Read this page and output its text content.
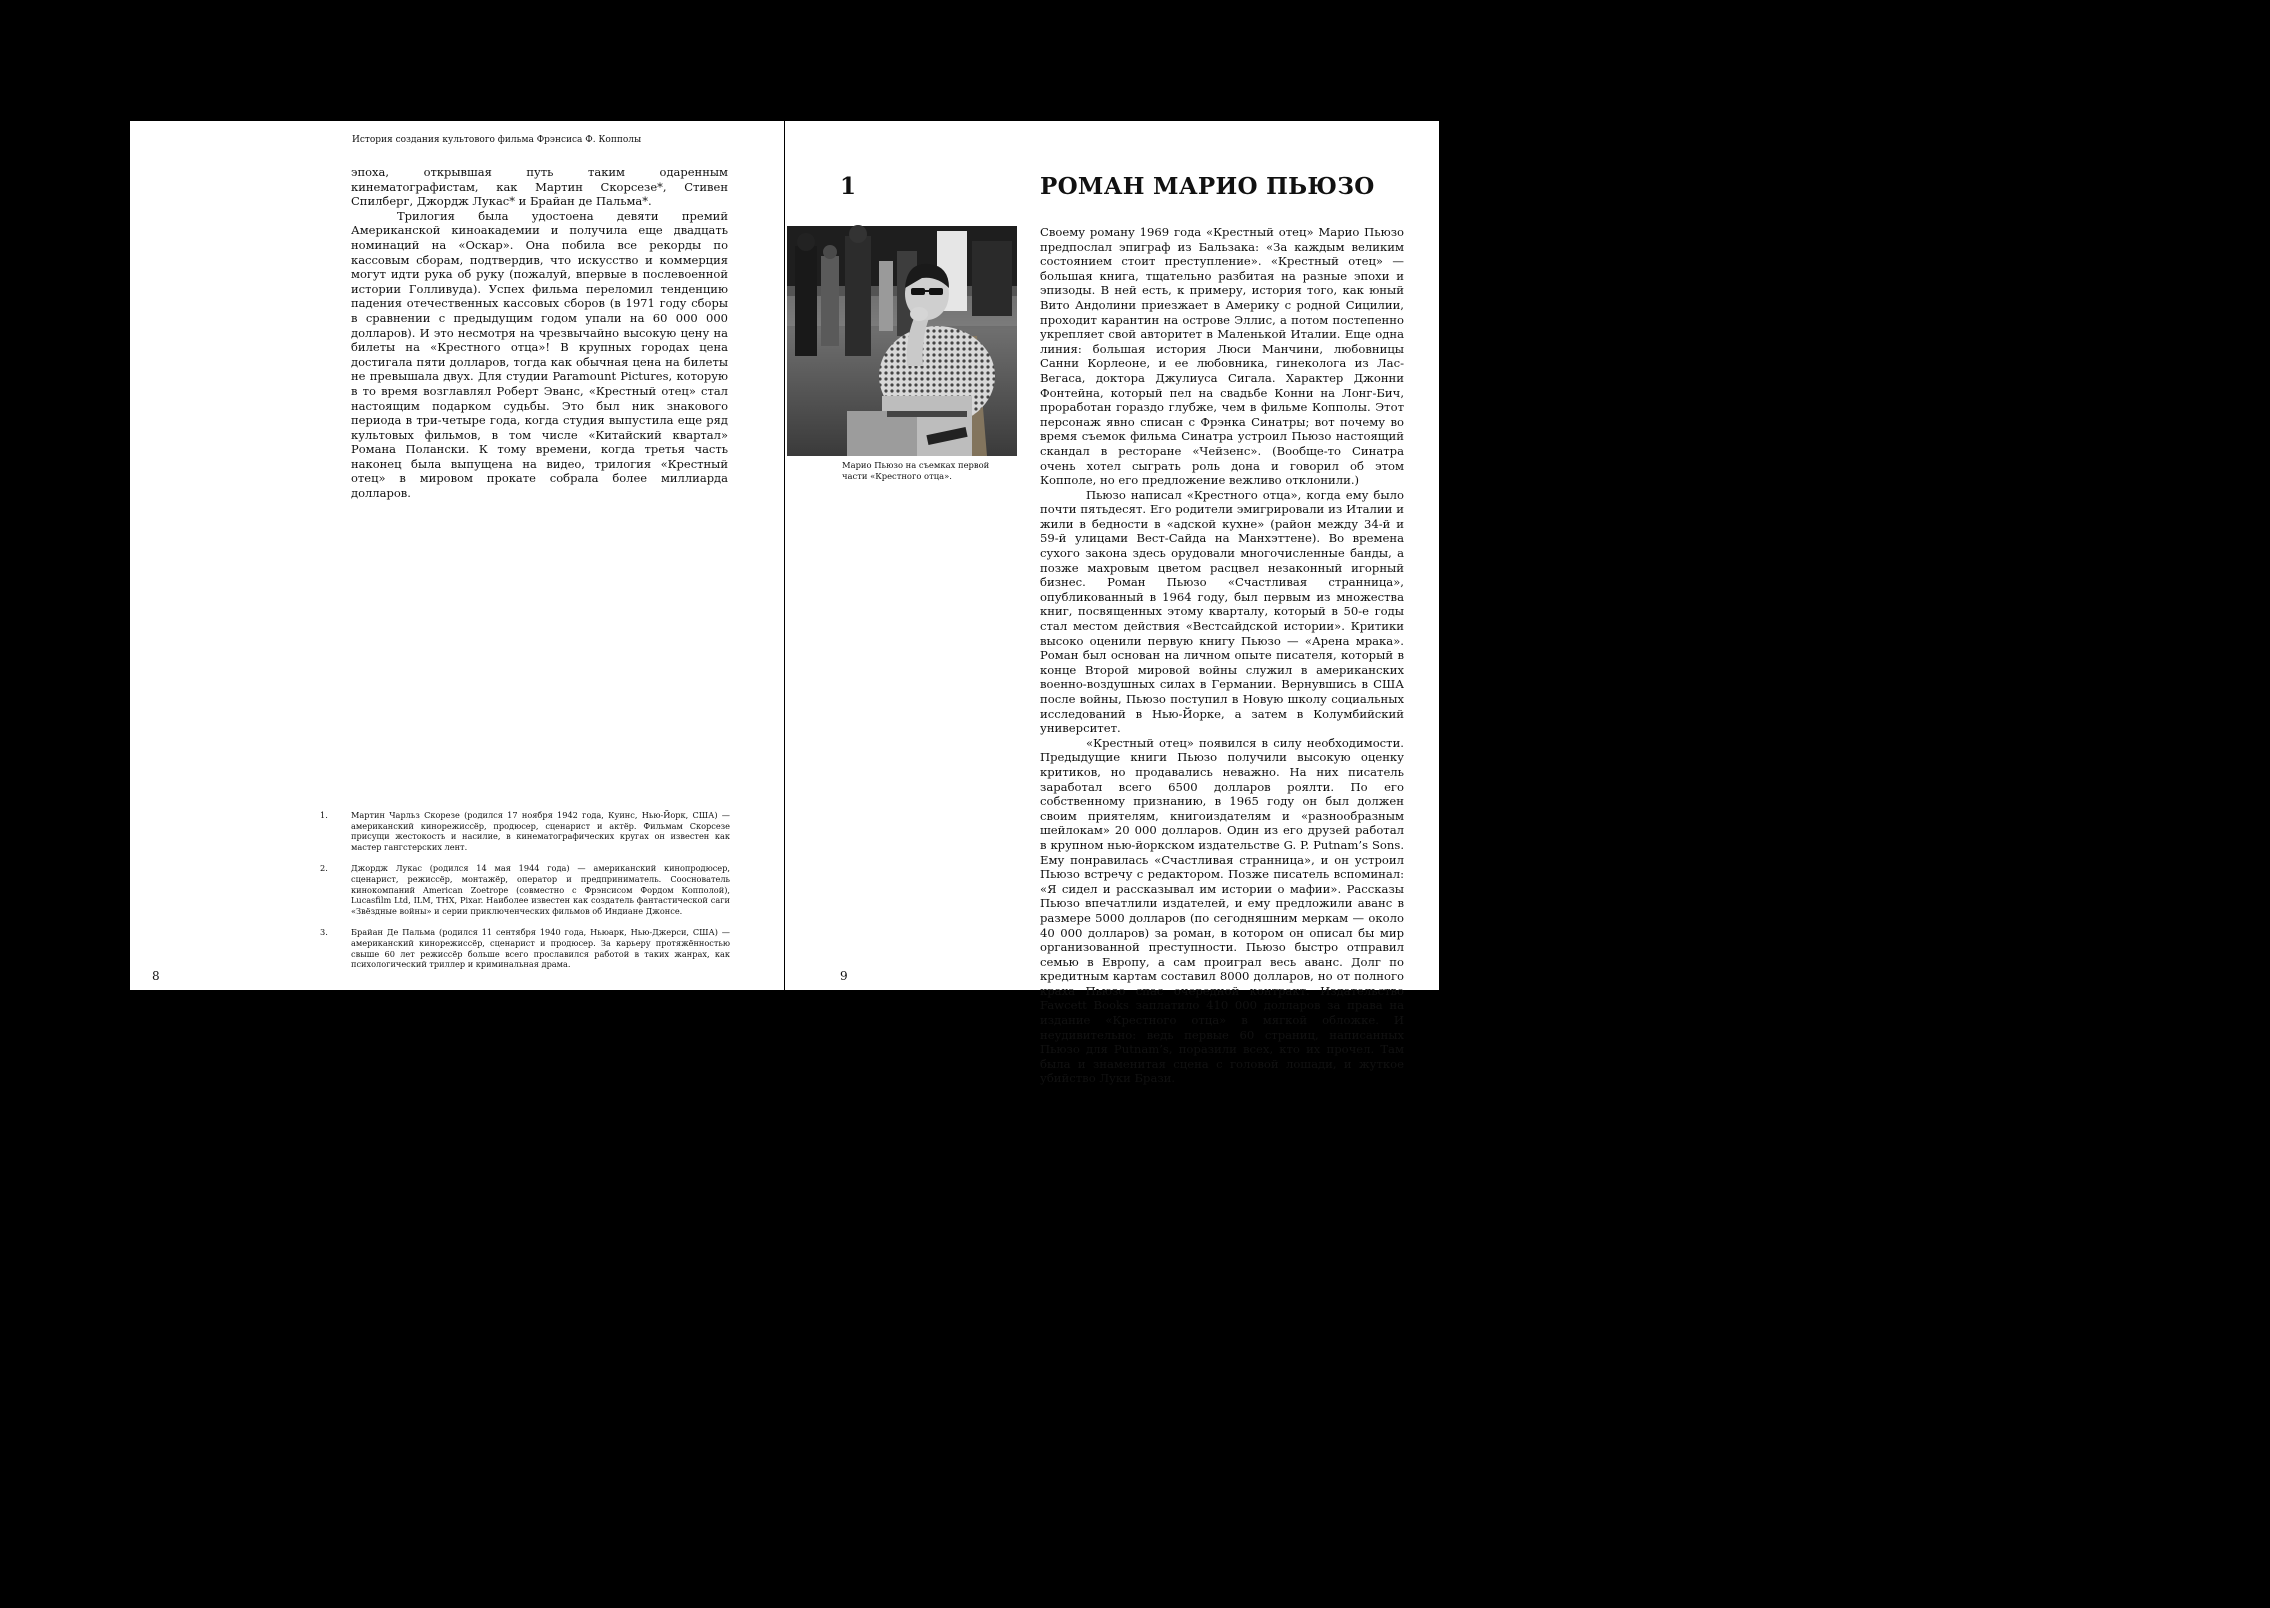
История создания культового фильма Фрэнсиса Ф. Копполы

эпоха, открывшая путь таким одаренным кинематографистам, как Мартин Скорсезе*, Стивен Спилберг, Джордж Лукас* и Брайан де Пальма*.

Трилогия была удостоена девяти премий Американской киноакадемии и получила еще двадцать номинаций на «Оскар». Она побила все рекорды по кассовым сборам, подтвердив, что искусство и коммерция могут идти рука об руку (пожалуй, впервые в послевоенной истории Голливуда). Успех фильма переломил тенденцию падения отечественных кассовых сборов (в 1971 году сборы в сравнении с предыдущим годом упали на 60 000 000 долларов). И это несмотря на чрезвычайно высокую цену на билеты на «Крестного отца»! В крупных городах цена достигала пяти долларов, тогда как обычная цена на билеты не превышала двух. Для студии Paramount Pictures, которую в то время возглавлял Роберт Эванс, «Крестный отец» стал настоящим подарком судьбы. Это был ник знакового периода в три-четыре года, когда студия выпустила еще ряд культовых фильмов, в том числе «Китайский квартал» Романа Полански. К тому времени, когда третья часть наконец была выпущена на видео, трилогия «Крестный отец» в мировом прокате собрала более миллиарда долларов.

1.	Мартин Чарльз Скорезе (родился 17 ноября 1942 года, Куинс, Нью-Йорк, США) — американский кинорежиссёр, продюсер, сценарист и актёр. Фильмам Скорсезе присущи жестокость и насилие, в кинематографических кругах он известен как мастер гангстерских лент.
2.	Джордж Лукас (родился 14 мая 1944 года) — американский кинопродюсер, сценарист, режиссёр, монтажёр, оператор и предприниматель. Сооснователь кинокомпаний American Zoetrope (совместно с Фрэнсисом Фордом Копполой), Lucasfilm Ltd, ILM, THX, Pixar. Наиболее известен как создатель фантастической саги «Звёздные войны» и серии приключенческих фильмов об Индиане Джонсе.
3.	Брайан Де Пальма (родился 11 сентября 1940 года, Ньюарк, Нью-Джерси, США) — американский кинорежиссёр, сценарист и продюсер. За карьеру протяжённостью свыше 60 лет режиссёр больше всего прославился работой в таких жанрах, как психологический триллер и криминальная драма.
8
1	РОМАН МАРИО ПЬЮЗО
Марио Пьюзо на съемках первой части «Крестного отца».

Своему роману 1969 года «Крестный отец» Марио Пьюзо предпослал эпиграф из Бальзака: «За каждым великим состоянием стоит преступление». «Крестный отец» — большая книга, тщательно разбитая на разные эпохи и эпизоды. В ней есть, к примеру, история того, как юный Вито Андолини приезжает в Америку с родной Сицилии, проходит карантин на острове Эллис, а потом постепенно укрепляет свой авторитет в Маленькой Италии. Еще одна линия: большая история Люси Манчини, любовницы Санни Корлеоне, и ее любовника, гинеколога из Лас-Вегаса, доктора Джулиуса Сигала. Характер Джонни Фонтейна, который пел на свадьбе Конни на Лонг-Бич, проработан гораздо глубже, чем в фильме Копполы. Этот персонаж явно списан с Фрэнка Синатры; вот почему во время съемок фильма Синатра устроил Пьюзо настоящий скандал в ресторане «Чейзенс». (Вообще-то Синатра очень хотел сыграть роль дона и говорил об этом Копполе, но его предложение вежливо отклонили.)

Пьюзо написал «Крестного отца», когда ему было почти пятьдесят. Его родители эмигрировали из Италии и жили в бедности в «адской кухне» (район между 34-й и 59-й улицами Вест-Сайда на Манхэттене). Во времена сухого закона здесь орудовали многочисленные банды, а позже махровым цветом расцвел незаконный игорный бизнес. Роман Пьюзо «Счастливая странница», опубликованный в 1964 году, был первым из множества книг, посвященных этому кварталу, который в 50-е годы стал местом действия «Вестсайдской истории». Критики высоко оценили первую книгу Пьюзо — «Арена мрака». Роман был основан на личном опыте писателя, который в конце Второй мировой войны служил в американских военно-воздушных силах в Германии. Вернувшись в США после войны, Пьюзо поступил в Новую школу социальных исследований в Нью-Йорке, а затем в Колумбийский университет.

«Крестный отец» появился в силу необходимости. Предыдущие книги Пьюзо получили высокую оценку критиков, но продавались неважно. На них писатель заработал всего 6500 долларов роялти. По его собственному признанию, в 1965 году он был должен своим приятелям, книгоиздателям и «разнообразным шейлокам» 20 000 долларов. Один из его друзей работал в крупном нью-йоркском издательстве G. P. Putnam’s Sons. Ему понравилась «Счастливая странница», и он устроил Пьюзо встречу с редактором. Позже писатель вспоминал: «Я сидел и рассказывал им истории о мафии». Рассказы Пьюзо впечатлили издателей, и ему предложили аванс в размере 5000 долларов (по сегодняшним меркам — около 40 000 долларов) за роман, в котором он описал бы мир организованной преступности. Пьюзо быстро отправил семью в Европу, а сам проиграл весь аванс. Долг по кредитным картам составил 8000 долларов, но от полного краха Пьюзо спас очередной контракт. Издательство Fawcett Books заплатило 410 000 долларов за права на издание «Крестного отца» в мягкой обложке. И неудивительно: ведь первые 60 страниц, написанных Пьюзо для Putnam’s, поразили всех, кто их прочел. Там была и знаменитая сцена с головой лошади, и жуткое убийство Луки Брази.

9
